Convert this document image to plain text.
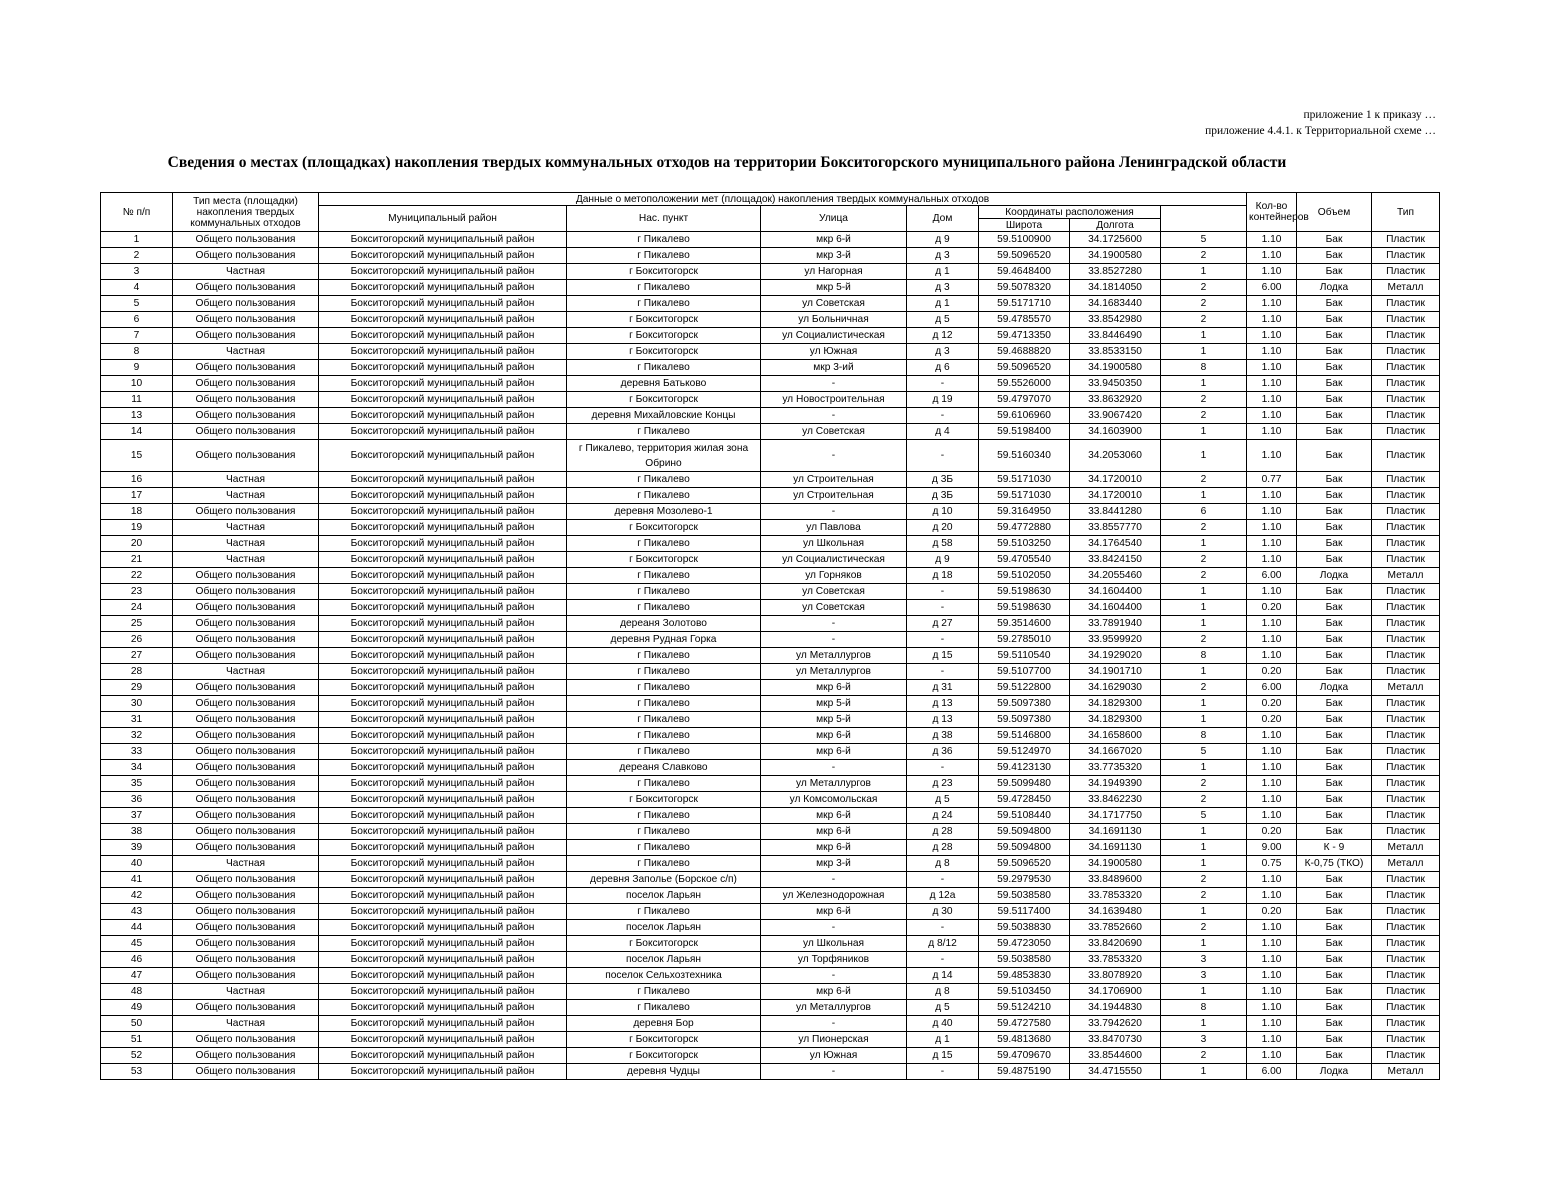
приложение 1 к приказу …
приложение 4.4.1. к Территориальной схеме …
Сведения о местах (площадках) накопления твердых коммунальных отходов на территории Бокситогорского муниципального района Ленинградской области
№ п/п	Тип места (площадки) накопления твердых коммунальных отходов	Данные о метоположении мет (площадок) накопления твердых коммунальных отходов							Кол-во контейнеров	Объем	Тип	
		Муниципальный район	Нас. пункт	Улица	Дом	Координаты расположения						
						Широта	Долгота					
1	Общего пользования	Бокситогорский муниципальный район	г Пикалево	мкр 6-й	д 9	59.5100900	34.1725600	5	1.10	Бак	Пластик	
2	Общего пользования	Бокситогорский муниципальный район	г Пикалево	мкр 3-й	д 3	59.5096520	34.1900580	2	1.10	Бак	Пластик	
3	Частная	Бокситогорский муниципальный район	г Бокситогорск	ул Нагорная	д 1	59.4648400	33.8527280	1	1.10	Бак	Пластик	
4	Общего пользования	Бокситогорский муниципальный район	г Пикалево	мкр 5-й	д 3	59.5078320	34.1814050	2	6.00	Лодка	Металл	
5	Общего пользования	Бокситогорский муниципальный район	г Пикалево	ул Советская	д 1	59.5171710	34.1683440	2	1.10	Бак	Пластик	
6	Общего пользования	Бокситогорский муниципальный район	г Бокситогорск	ул Больничная	д 5	59.4785570	33.8542980	2	1.10	Бак	Пластик	
7	Общего пользования	Бокситогорский муниципальный район	г Бокситогорск	ул Социалистическая	д 12	59.4713350	33.8446490	1	1.10	Бак	Пластик	
8	Частная	Бокситогорский муниципальный район	г Бокситогорск	ул Южная	д 3	59.4688820	33.8533150	1	1.10	Бак	Пластик	
9	Общего пользования	Бокситогорский муниципальный район	г Пикалево	мкр 3-ий	д 6	59.5096520	34.1900580	8	1.10	Бак	Пластик	
10	Общего пользования	Бокситогорский муниципальный район	деревня Батьково	-	-	59.5526000	33.9450350	1	1.10	Бак	Пластик	
11	Общего пользования	Бокситогорский муниципальный район	г Бокситогорск	ул Новостроительная	д 19	59.4797070	33.8632920	2	1.10	Бак	Пластик	
13	Общего пользования	Бокситогорский муниципальный район	деревня Михайловские Концы	-	-	59.6106960	33.9067420	2	1.10	Бак	Пластик	
14	Общего пользования	Бокситогорский муниципальный район	г Пикалево	ул Советская	д 4	59.5198400	34.1603900	1	1.10	Бак	Пластик	
15	Общего пользования	Бокситогорский муниципальный район	г Пикалево, территория жилая зона Обрино	-	-	59.5160340	34.2053060	1	1.10	Бак	Пластик	
16	Частная	Бокситогорский муниципальный район	г Пикалево	ул Строительная	д 3Б	59.5171030	34.1720010	2	0.77	Бак	Пластик	
17	Частная	Бокситогорский муниципальный район	г Пикалево	ул Строительная	д 3Б	59.5171030	34.1720010	1	1.10	Бак	Пластик	
18	Общего пользования	Бокситогорский муниципальный район	деревня Мозолево-1	-	д 10	59.3164950	33.8441280	6	1.10	Бак	Пластик	
19	Частная	Бокситогорский муниципальный район	г Бокситогорск	ул Павлова	д 20	59.4772880	33.8557770	2	1.10	Бак	Пластик	
20	Частная	Бокситогорский муниципальный район	г Пикалево	ул Школьная	д 58	59.5103250	34.1764540	1	1.10	Бак	Пластик	
21	Частная	Бокситогорский муниципальный район	г Бокситогорск	ул Социалистическая	д 9	59.4705540	33.8424150	2	1.10	Бак	Пластик	
22	Общего пользования	Бокситогорский муниципальный район	г Пикалево	ул Горняков	д 18	59.5102050	34.2055460	2	6.00	Лодка	Металл	
23	Общего пользования	Бокситогорский муниципальный район	г Пикалево	ул Советская	-	59.5198630	34.1604400	1	1.10	Бак	Пластик	
24	Общего пользования	Бокситогорский муниципальный район	г Пикалево	ул Советская	-	59.5198630	34.1604400	1	0.20	Бак	Пластик	
25	Общего пользования	Бокситогорский муниципальный район	дереаня Золотово	-	д 27	59.3514600	33.7891940	1	1.10	Бак	Пластик	
26	Общего пользования	Бокситогорский муниципальный район	деревня Рудная Горка	-	-	59.2785010	33.9599920	2	1.10	Бак	Пластик	
27	Общего пользования	Бокситогорский муниципальный район	г Пикалево	ул Металлургов	д 15	59.5110540	34.1929020	8	1.10	Бак	Пластик	
28	Частная	Бокситогорский муниципальный район	г Пикалево	ул Металлургов	-	59.5107700	34.1901710	1	0.20	Бак	Пластик	
29	Общего пользования	Бокситогорский муниципальный район	г Пикалево	мкр 6-й	д 31	59.5122800	34.1629030	2	6.00	Лодка	Металл	
30	Общего пользования	Бокситогорский муниципальный район	г Пикалево	мкр 5-й	д 13	59.5097380	34.1829300	1	0.20	Бак	Пластик	
31	Общего пользования	Бокситогорский муниципальный район	г Пикалево	мкр 5-й	д 13	59.5097380	34.1829300	1	0.20	Бак	Пластик	
32	Общего пользования	Бокситогорский муниципальный район	г Пикалево	мкр 6-й	д 38	59.5146800	34.1658600	8	1.10	Бак	Пластик	
33	Общего пользования	Бокситогорский муниципальный район	г Пикалево	мкр 6-й	д 36	59.5124970	34.1667020	5	1.10	Бак	Пластик	
34	Общего пользования	Бокситогорский муниципальный район	дереаня Славково	-	-	59.4123130	33.7735320	1	1.10	Бак	Пластик	
35	Общего пользования	Бокситогорский муниципальный район	г Пикалево	ул Металлургов	д 23	59.5099480	34.1949390	2	1.10	Бак	Пластик	
36	Общего пользования	Бокситогорский муниципальный район	г Бокситогорск	ул Комсомольская	д 5	59.4728450	33.8462230	2	1.10	Бак	Пластик	
37	Общего пользования	Бокситогорский муниципальный район	г Пикалево	мкр 6-й	д 24	59.5108440	34.1717750	5	1.10	Бак	Пластик	
38	Общего пользования	Бокситогорский муниципальный район	г Пикалево	мкр 6-й	д 28	59.5094800	34.1691130	1	0.20	Бак	Пластик	
39	Общего пользования	Бокситогорский муниципальный район	г Пикалево	мкр 6-й	д 28	59.5094800	34.1691130	1	9.00	К - 9	Металл	
40	Частная	Бокситогорский муниципальный район	г Пикалево	мкр 3-й	д 8	59.5096520	34.1900580	1	0.75	К-0,75 (ТКО)	Металл	
41	Общего пользования	Бокситогорский муниципальный район	деревня Заполье (Борское с/п)	-	-	59.2979530	33.8489600	2	1.10	Бак	Пластик	
42	Общего пользования	Бокситогорский муниципальный район	поселок Ларьян	ул Железнодорожная	д 12а	59.5038580	33.7853320	2	1.10	Бак	Пластик	
43	Общего пользования	Бокситогорский муниципальный район	г Пикалево	мкр 6-й	д 30	59.5117400	34.1639480	1	0.20	Бак	Пластик	
44	Общего пользования	Бокситогорский муниципальный район	поселок Ларьян	-	-	59.5038830	33.7852660	2	1.10	Бак	Пластик	
45	Общего пользования	Бокситогорский муниципальный район	г Бокситогорск	ул Школьная	д 8/12	59.4723050	33.8420690	1	1.10	Бак	Пластик	
46	Общего пользования	Бокситогорский муниципальный район	поселок Ларьян	ул Торфяников	-	59.5038580	33.7853320	3	1.10	Бак	Пластик	
47	Общего пользования	Бокситогорский муниципальный район	поселок Сельхозтехника	-	д 14	59.4853830	33.8078920	3	1.10	Бак	Пластик	
48	Частная	Бокситогорский муниципальный район	г Пикалево	мкр 6-й	д 8	59.5103450	34.1706900	1	1.10	Бак	Пластик	
49	Общего пользования	Бокситогорский муниципальный район	г Пикалево	ул Металлургов	д 5	59.5124210	34.1944830	8	1.10	Бак	Пластик	
50	Частная	Бокситогорский муниципальный район	деревня Бор	-	д 40	59.4727580	33.7942620	1	1.10	Бак	Пластик	
51	Общего пользования	Бокситогорский муниципальный район	г Бокситогорск	ул Пионерская	д 1	59.4813680	33.8470730	3	1.10	Бак	Пластик	
52	Общего пользования	Бокситогорский муниципальный район	г Бокситогорск	ул Южная	д 15	59.4709670	33.8544600	2	1.10	Бак	Пластик	
53	Общего пользования	Бокситогорский муниципальный район	деревня Чудцы	-	-	59.4875190	34.4715550	1	6.00	Лодка	Металл	
